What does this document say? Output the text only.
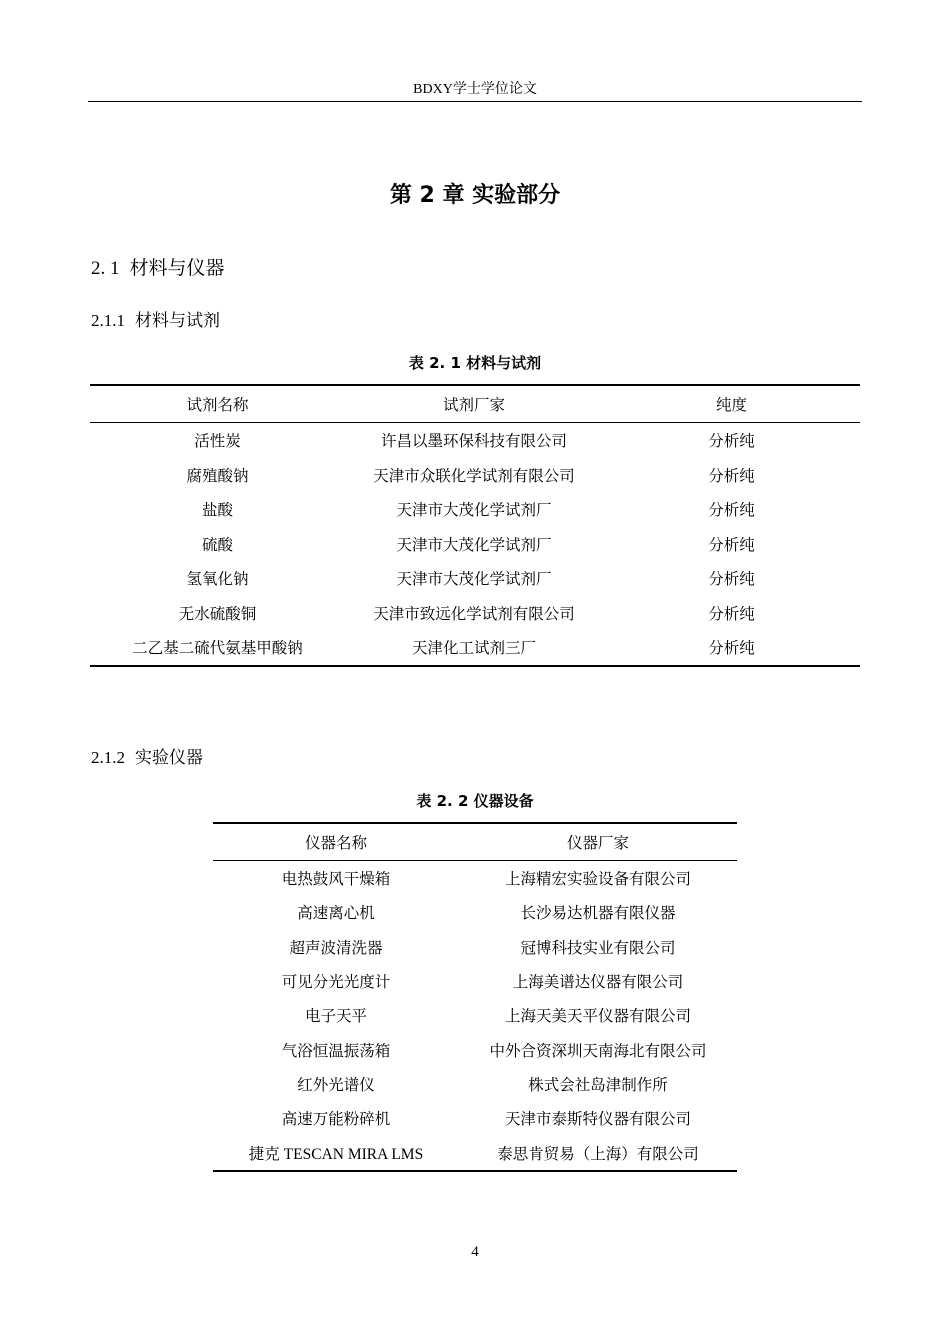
BDXY学士学位论文
第 2 章 实验部分
2. 1 材料与仪器
2.1.1 材料与试剂
表 2. 1 材料与试剂
试剂名称	试剂厂家	纯度
活性炭	许昌以墨环保科技有限公司	分析纯
腐殖酸钠	天津市众联化学试剂有限公司	分析纯
盐酸	天津市大茂化学试剂厂	分析纯
硫酸	天津市大茂化学试剂厂	分析纯
氢氧化钠	天津市大茂化学试剂厂	分析纯
无水硫酸铜	天津市致远化学试剂有限公司	分析纯
二乙基二硫代氨基甲酸钠	天津化工试剂三厂	分析纯
2.1.2 实验仪器
表 2. 2 仪器设备
仪器名称	仪器厂家
电热鼓风干燥箱	上海精宏实验设备有限公司
高速离心机	长沙易达机器有限仪器
超声波清洗器	冠博科技实业有限公司
可见分光光度计	上海美谱达仪器有限公司
电子天平	上海天美天平仪器有限公司
气浴恒温振荡箱	中外合资深圳天南海北有限公司
红外光谱仪	株式会社岛津制作所
高速万能粉碎机	天津市泰斯特仪器有限公司
捷克 TESCAN MIRA LMS	泰思肯贸易（上海）有限公司
4
